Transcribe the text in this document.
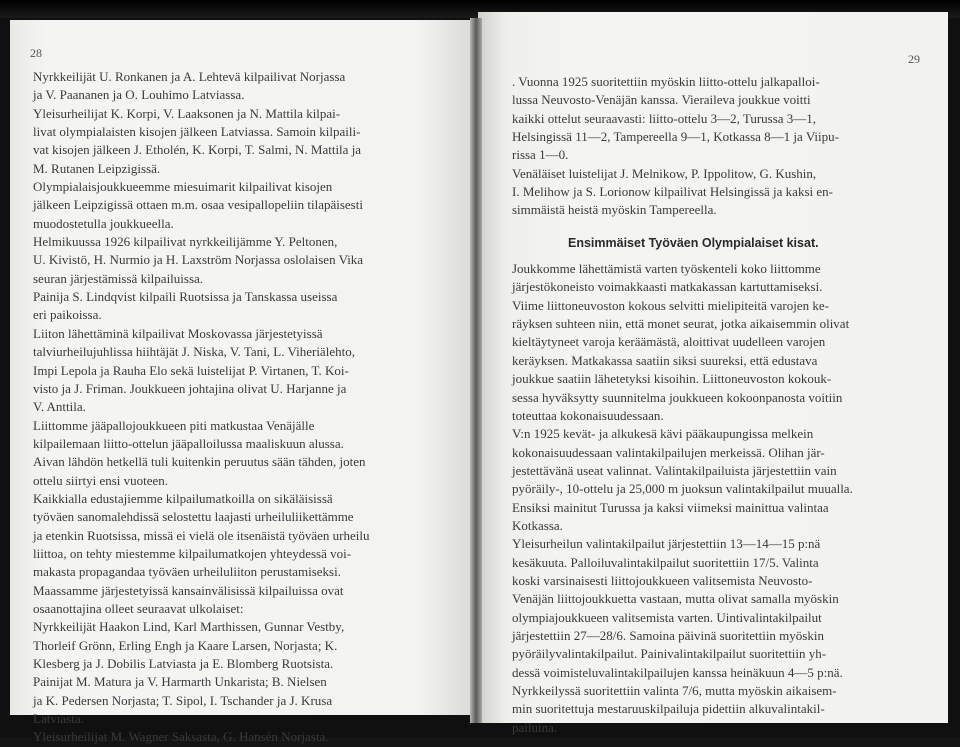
28	29
Nyrkkeilijät U. Ronkanen ja A. Lehtevä kilpailivat Norjassa
ja V. Paananen ja O. Louhimo Latviassa.
Yleisurheilijat K. Korpi, V. Laaksonen ja N. Mattila kilpai-
livat olympialaisten kisojen jälkeen Latviassa. Samoin kilpaili-
vat kisojen jälkeen J. Etholén, K. Korpi, T. Salmi, N. Mattila ja
M. Rutanen Leipzigissä.
Olympialaisjoukkueemme miesuimarit kilpailivat kisojen
jälkeen Leipzigissä ottaen m.m. osaa vesipallopeliin tilapäisesti
muodostetulla joukkueella.
Helmikuussa 1926 kilpailivat nyrkkeilijämme Y. Peltonen,
U. Kivistö, H. Nurmio ja H. Laxström Norjassa oslolaisen Vika
seuran järjestämissä kilpailuissa.
Painija S. Lindqvist kilpaili Ruotsissa ja Tanskassa useissa
eri paikoissa.
Liiton lähettäminä kilpailivat Moskovassa järjestetyissä
talviurheilujuhlissa hiihtäjät J. Niska, V. Tani, L. Viheriälehto,
Impi Lepola ja Rauha Elo sekä luistelijat P. Virtanen, T. Koi-
visto ja J. Friman. Joukkueen johtajina olivat U. Harjanne ja
V. Anttila.
Liittomme jääpallojoukkueen piti matkustaa Venäjälle
kilpailemaan liitto-ottelun jääpalloilussa maaliskuun alussa.
Aivan lähdön hetkellä tuli kuitenkin peruutus sään tähden, joten
ottelu siirtyi ensi vuoteen.
Kaikkialla edustajiemme kilpailumatkoilla on sikäläisissä
työväen sanomalehdissä selostettu laajasti urheiluliikettämme
ja etenkin Ruotsissa, missä ei vielä ole itsenäistä työväen urheilu
liittoa, on tehty miestemme kilpailumatkojen yhteydessä voi-
makasta propagandaa työväen urheiluliiton perustamiseksi.
Maassamme järjestetyissä kansainvälisissä kilpailuissa ovat
osaanottajina olleet seuraavat ulkolaiset:
Nyrkkeilijät Haakon Lind, Karl Marthissen, Gunnar Vestby,
Thorleif Grönn, Erling Engh ja Kaare Larsen, Norjasta; K.
Klesberg ja J. Dobilis Latviasta ja E. Blomberg Ruotsista.
Painijat M. Matura ja V. Harmarth Unkarista; B. Nielsen
ja K. Pedersen Norjasta; T. Sipol, I. Tschander ja J. Krusa
Latviasta.
Yleisurheilijat M. Wagner Saksasta, G. Hansén Norjasta.
. Vuonna 1925 suoritettiin myöskin liitto-ottelu jalkapalloi-
lussa Neuvosto-Venäjän kanssa. Vieraileva joukkue voitti
kaikki ottelut seuraavasti: liitto-ottelu 3—2, Turussa 3—1,
Helsingissä 11—2, Tampereella 9—1, Kotkassa 8—1 ja Viipu-
rissa 1—0.
Venäläiset luistelijat J. Melnikow, P. Ippolitow, G. Kushin,
I. Melihow ja S. Lorionow kilpailivat Helsingissä ja kaksi en-
simmäistä heistä myöskin Tampereella.
Ensimmäiset Työväen Olympialaiset kisat.
Joukkomme lähettämistä varten työskenteli koko liittomme
järjestökoneisto voimakkaasti matkakassan kartuttamiseksi.
Viime liittoneuvoston kokous selvitti mielipiteitä varojen ke-
räyksen suhteen niin, että monet seurat, jotka aikaisemmin olivat
kieltäytyneet varoja keräämästä, aloittivat uudelleen varojen
keräyksen. Matkakassa saatiin siksi suureksi, että edustava
joukkue saatiin lähetetyksi kisoihin. Liittoneuvoston kokouk-
sessa hyväksytty suunnitelma joukkueen kokoonpanosta voitiin
toteuttaa kokonaisuudessaan.
V:n 1925 kevät- ja alkukesä kävi pääkaupungissa melkein
kokonaisuudessaan valintakilpailujen merkeissä. Olihan jär-
jestettävänä useat valinnat. Valintakilpailuista järjestettiin vain
pyöräily-, 10-ottelu ja 25,000 m juoksun valintakilpailut muualla.
Ensiksi mainitut Turussa ja kaksi viimeksi mainittua valintaa
Kotkassa.
Yleisurheilun valintakilpailut järjestettiin 13—14—15 p:nä
kesäkuuta. Palloiluvalintakilpailut suoritettiin 17/5. Valinta
koski varsinaisesti liittojoukkueen valitsemista Neuvosto-
Venäjän liittojoukkuetta vastaan, mutta olivat samalla myöskin
olympiajoukkueen valitsemista varten. Uintivalintakilpailut
järjestettiin 27—28/6. Samoina päivinä suoritettiin myöskin
pyöräilyvalintakilpailut. Painivalintakilpailut suoritettiin yh-
dessä voimisteluvalintakilpailujen kanssa heinäkuun 4—5 p:nä.
Nyrkkeilyssä suoritettiin valinta 7/6, mutta myöskin aikaisem-
min suoritettuja mestaruuskilpailuja pidettiin alkuvalintakil-
pailuina.
